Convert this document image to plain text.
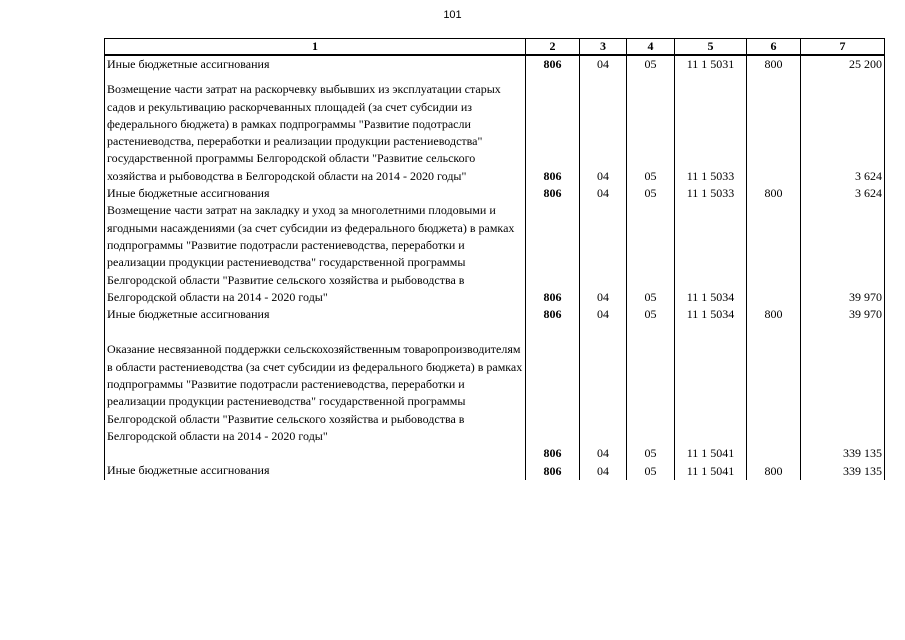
101
1	2	3	4	5	6	7
Иные бюджетные ассигнования	806	04	05	11 1 5031	800	25 200
Возмещение части затрат на раскорчевку выбывших из эксплуатации старых садов и рекультивацию раскорчеванных площадей (за счет субсидии из федерального бюджета) в рамках подпрограммы "Развитие подотрасли растениеводства, переработки и реализации продукции растениеводства" государственной программы Белгородской области "Развитие сельского хозяйства и рыбоводства в Белгородской области на 2014 - 2020 годы"	806	04	05	11 1 5033		3 624
Иные бюджетные ассигнования	806	04	05	11 1 5033	800	3 624
Возмещение части затрат на закладку и уход за многолетними плодовыми и ягодными насаждениями (за счет субсидии из федерального бюджета) в рамках подпрограммы "Развитие подотрасли растениеводства, переработки и реализации продукции растениеводства" государственной программы Белгородской области "Развитие сельского хозяйства и рыбоводства в Белгородской области на 2014 - 2020 годы"	806	04	05	11 1 5034		39 970
Иные бюджетные ассигнования	806	04	05	11 1 5034	800	39 970

Оказание несвязанной поддержки сельскохозяйственным товаропроизводителям в области растениеводства (за счет субсидии из федерального бюджета) в рамках подпрограммы "Развитие подотрасли растениеводства, переработки и реализации продукции растениеводства" государственной программы Белгородской области "Развитие сельского хозяйства и рыбоводства в Белгородской области на 2014 - 2020 годы"	806	04	05	11 1 5041		339 135
Иные бюджетные ассигнования	806	04	05	11 1 5041	800	339 135
